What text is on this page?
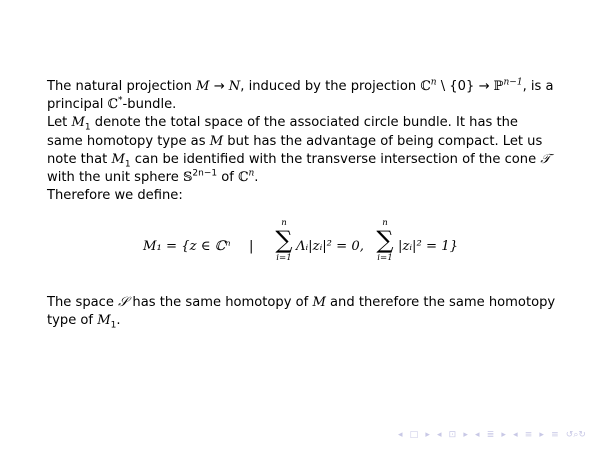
The natural projection M → N, induced by the projection ℂ$^n$ \ {0} → ℙ$^{n-1}$, is a principal ℂ*-bundle.

Let $M_1$ denote the total space of the associated circle bundle. It has the same homotopy type as M but has the advantage of being compact. Let us note that $M_1$ can be identified with the transverse intersection of the cone 𝒯 with the unit sphere 𝕊$^{2n-1}$ of ℂ$^n$.

Therefore we define:

M₁ = {z ∈ ℂⁿ |
n
∑
i=1
Λᵢ|zᵢ|² = 0,
n
∑
i=1
|zᵢ|² = 1}

The space 𝒮 has the same homotopy of M and therefore the same homotopy type of $M_1$.

◂ □ ▸ ◂ ⊡ ▸ ◂ ≣ ▸ ◂ ≡ ▸ ≡ ↺⌕↻
